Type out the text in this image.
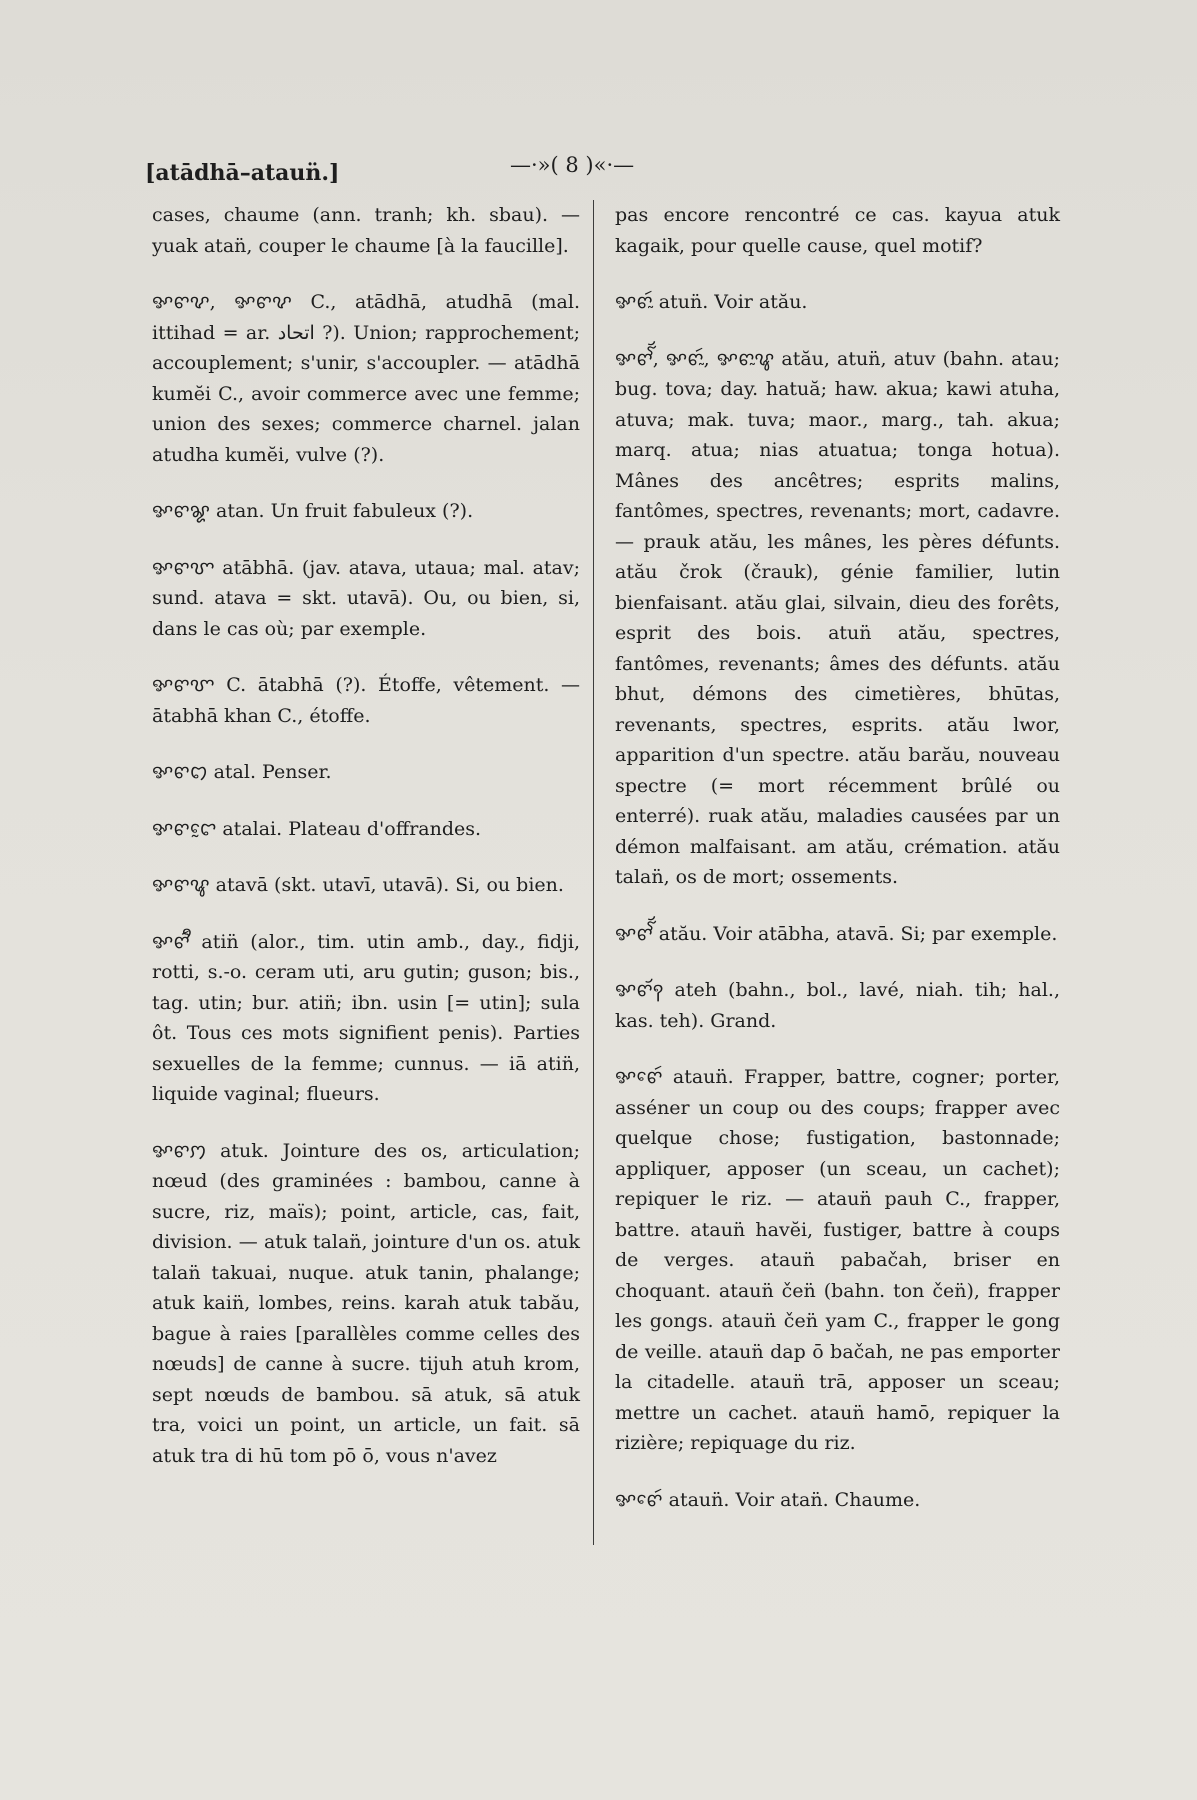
[atādhā–ataun̈.]	—·»( 8 )«·—

cases, chaume (ann. tranh; kh. sbau). — yuak atan̈, couper le chaume [à la faucille].

ꨀꨓꨖ, ꨀꨓꨖ C., atādhā, atudhā (mal. ittihad = ar. اتحاد ?). Union; rapprochement; accouplement; s'unir, s'accoupler. — atādhā kumĕi C., avoir commerce avec une femme; union des sexes; commerce charnel. jalan atudha kumĕi, vulve (?).

ꨀꨓꨘ atan. Un fruit fabuleux (?).

ꨀꨓꨞ atābhā. (jav. atava, utaua; mal. atav; sund. atava = skt. utavā). Ou, ou bien, si, dans le cas où; par exemple.

ꨀꨓꨞ C. ātabhā (?). Étoffe, vêtement. — ātabhā khan C., étoffe.

ꨀꨓꩊ atal. Penser.

ꨀꨓꨤꨰ atalai. Plateau d'offrandes.

ꨀꨓꨥ atavā (skt. utavī, utavā). Si, ou bien.

ꨀꨓꨪꩃ atin̈ (alor., tim. utin amb., day., fidji, rotti, s.-o. ceram uti, aru gutin; guson; bis., tag. utin; bur. atin̈; ibn. usin [= utin]; sula ôt. Tous ces mots signifient penis). Parties sexuelles de la femme; cunnus. — iā atin̈, liquide vaginal; flueurs.

ꨀꨓꩀ atuk. Jointure des os, articulation; nœud (des graminées : bambou, canne à sucre, riz, maïs); point, article, cas, fait, division. — atuk talan̈, jointure d'un os. atuk talan̈ takuai, nuque. atuk tanin, phalange; atuk kain̈, lombes, reins. karah atuk tabău, bague à raies [parallèles comme celles des nœuds] de canne à sucre. tijuh atuh krom, sept nœuds de bambou. sā atuk, sā atuk tra, voici un point, un article, un fait. sā atuk tra di hū tom pō ō, vous n'avez

pas encore rencontré ce cas. kayua atuk kagaik, pour quelle cause, quel motif?

ꨀꨓꨭꩃ atun̈. Voir atău.

ꨀꨓꨮꨱ, ꨀꨓꨭꩃ, ꨀꨓꨭꨥ atău, atun̈, atuv (bahn. atau; bug. tova; day. hatuă; haw. akua; kawi atuha, atuva; mak. tuva; maor., marg., tah. akua; marq. atua; nias atuatua; tonga hotua). Mânes des ancêtres; esprits malins, fantômes, spectres, revenants; mort, cadavre. — prauk atău, les mânes, les pères défunts. atău črok (črauk), génie familier, lutin bienfaisant. atău glai, silvain, dieu des forêts, esprit des bois. atun̈ atău, spectres, fantômes, revenants; âmes des défunts. atău bhut, démons des cimetières, bhūtas, revenants, spectres, esprits. atău lwor, apparition d'un spectre. atău barău, nouveau spectre (= mort récemment brûlé ou enterré). ruak atău, maladies causées par un démon malfaisant. am atău, crémation. atău talan̈, os de mort; ossements.

ꨀꨓꨮꨱ atău. Voir atābha, atavā. Si; par exemple.

ꨀꨓꨮꩍ ateh (bahn., bol., lavé, niah. tih; hal., kas. teh). Grand.

ꨀꨓꨯꩃ ataun̈. Frapper, battre, cogner; porter, asséner un coup ou des coups; frapper avec quelque chose; fustigation, bastonnade; appliquer, apposer (un sceau, un cachet); repiquer le riz. — ataun̈ pauh C., frapper, battre. ataun̈ havĕi, fustiger, battre à coups de verges. ataun̈ pabačah, briser en choquant. ataun̈ čen̈ (bahn. ton čen̈), frapper les gongs. ataun̈ čen̈ yam C., frapper le gong de veille. ataun̈ dap ō bačah, ne pas emporter la citadelle. ataun̈ trā, apposer un sceau; mettre un cachet. ataun̈ hamō, repiquer la rizière; repiquage du riz.

ꨀꨓꨯꩃ ataun̈. Voir atan̈. Chaume.
